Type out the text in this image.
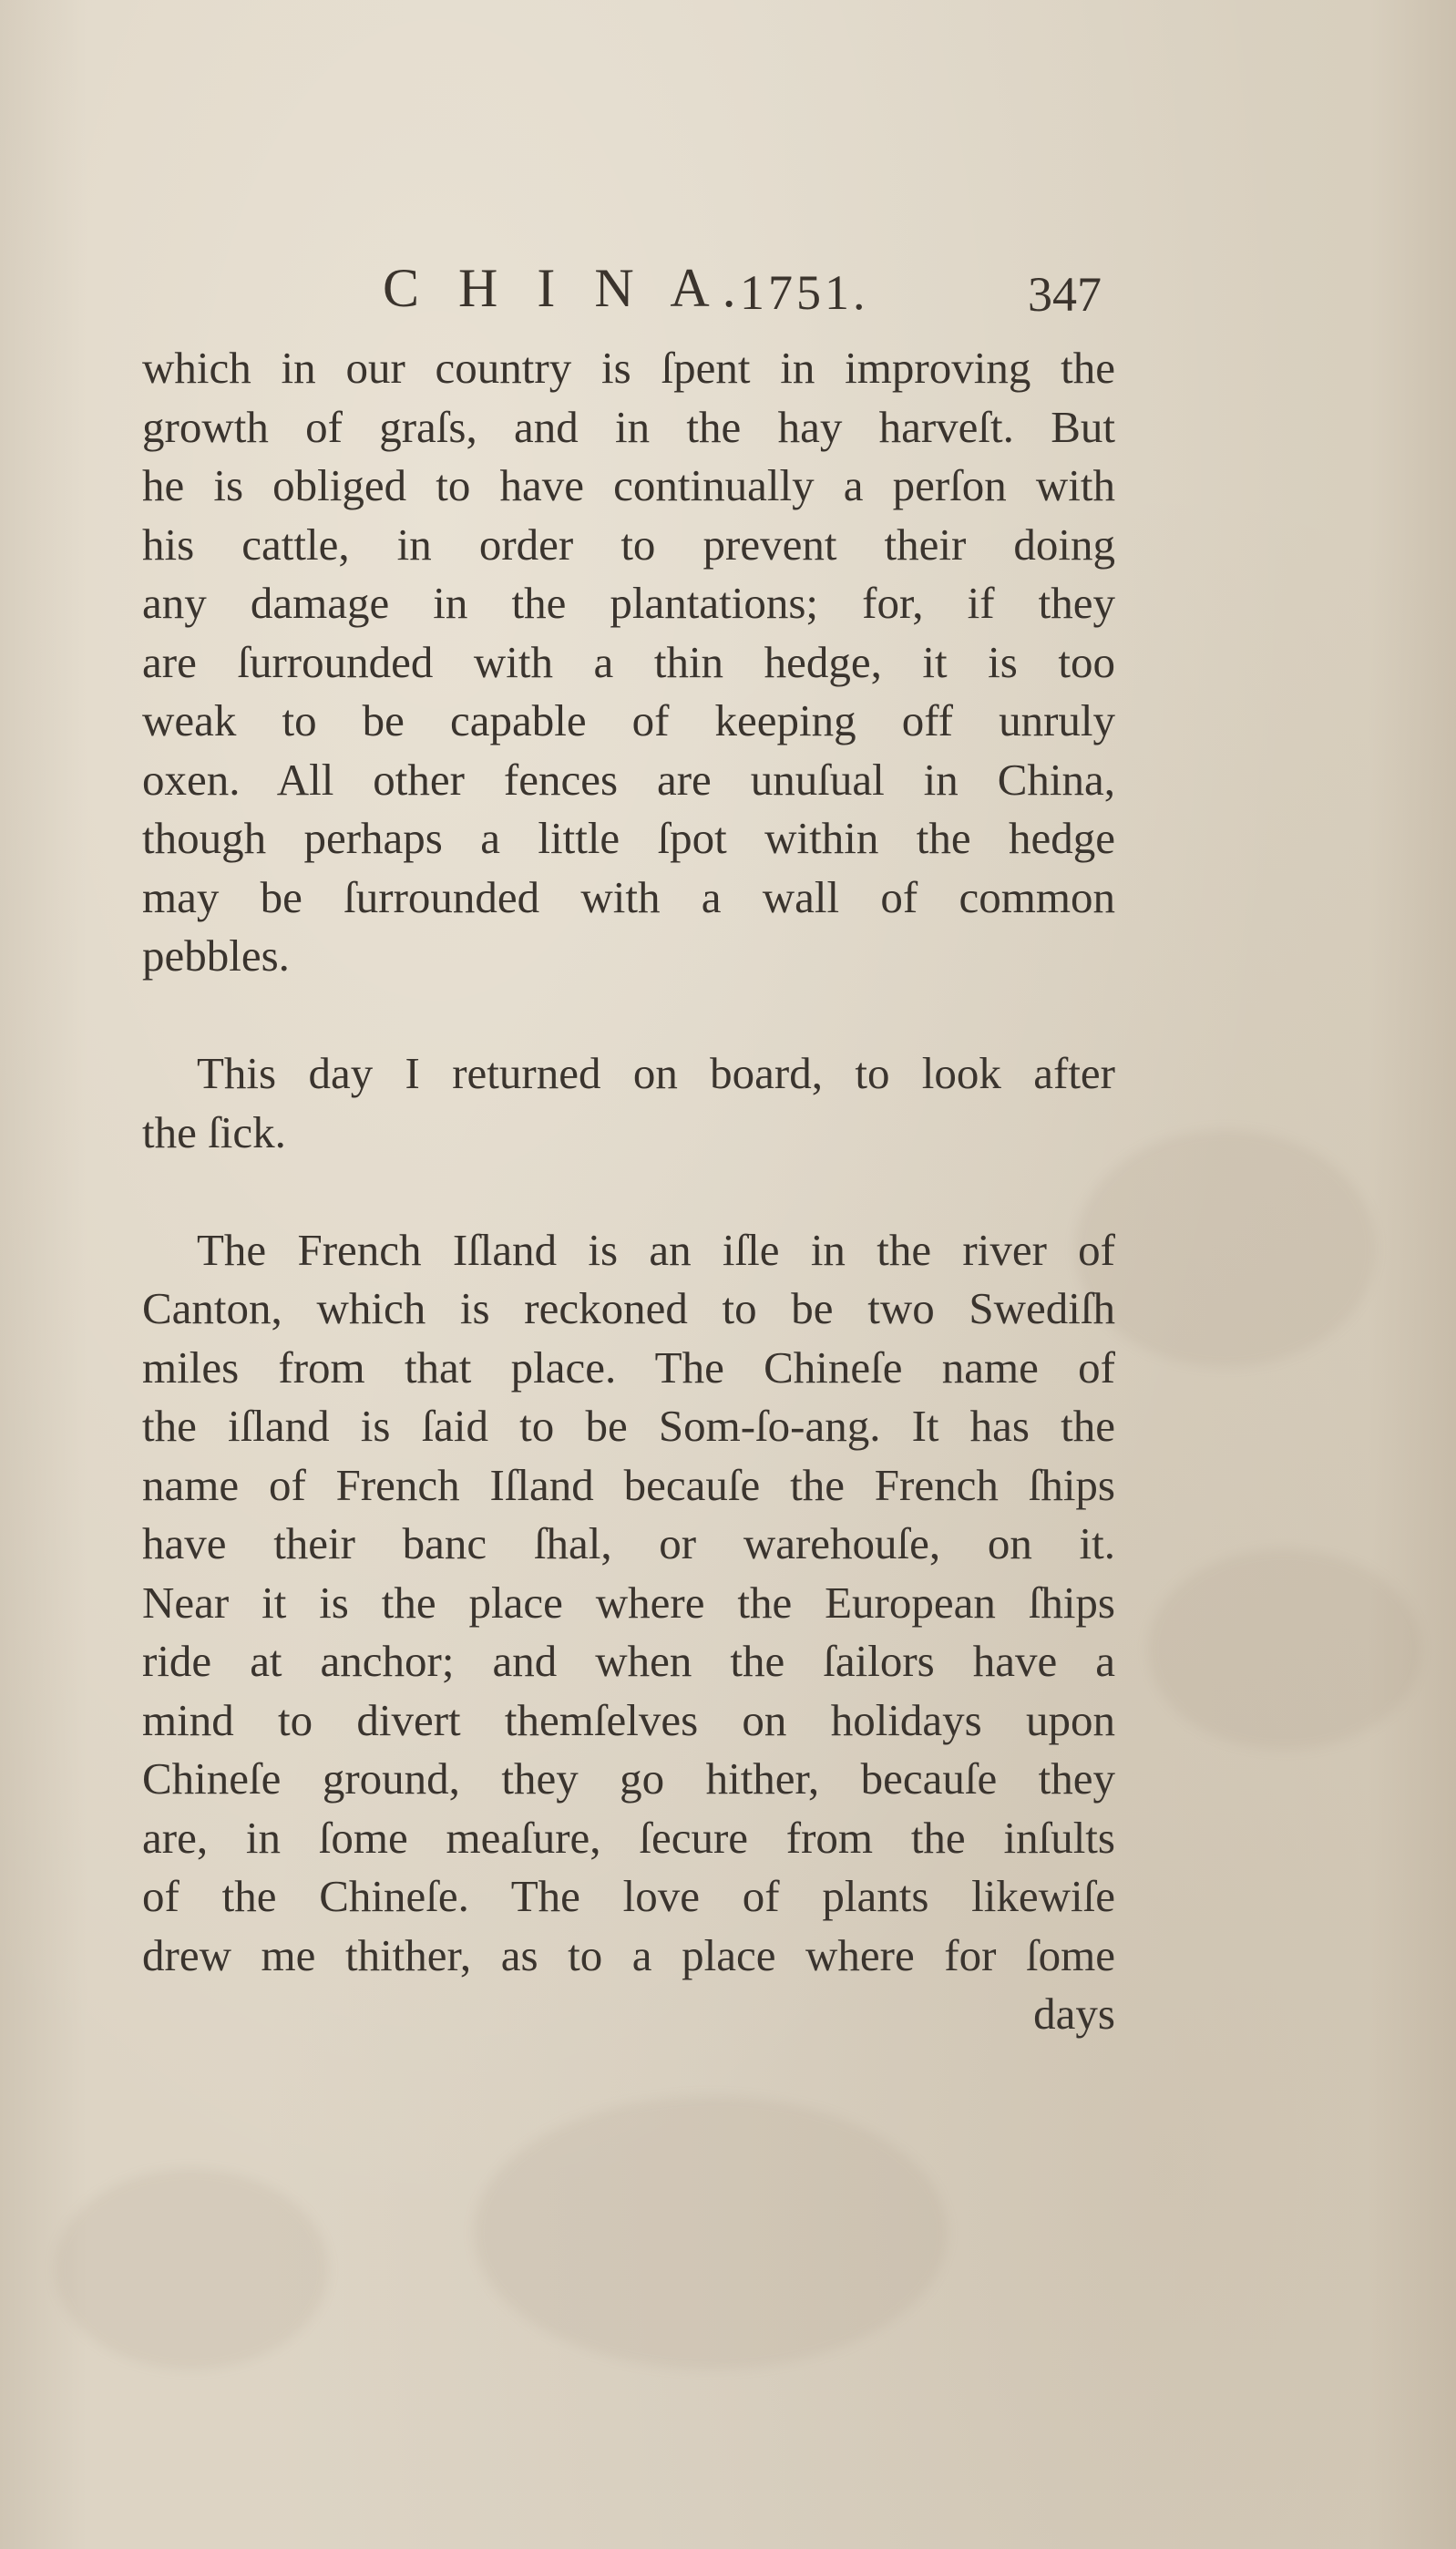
C H I N A.
1751.	347
which in our country is ſpent in improving the
growth of graſs, and in the hay harveſt. But
he is obliged to have continually a perſon with
his cattle, in order to prevent their doing
any damage in the plantations; for, if they
are ſurrounded with a thin hedge, it is too
weak to be capable of keeping off unruly
oxen. All other fences are unuſual in China,
though perhaps a little ſpot within the hedge
may be ſurrounded with a wall of common
pebbles.
This day I returned on board, to look after
the ſick.
The French Iſland is an iſle in the river of
Canton, which is reckoned to be two Swediſh
miles from that place. The Chineſe name of
the iſland is ſaid to be Som-ſo-ang. It has the
name of French Iſland becauſe the French ſhips
have their banc ſhal, or warehouſe, on it.
Near it is the place where the European ſhips
ride at anchor; and when the ſailors have a
mind to divert themſelves on holidays upon
Chineſe ground, they go hither, becauſe they
are, in ſome meaſure, ſecure from the inſults
of the Chineſe. The love of plants likewiſe
drew me thither, as to a place where for ſome
days
